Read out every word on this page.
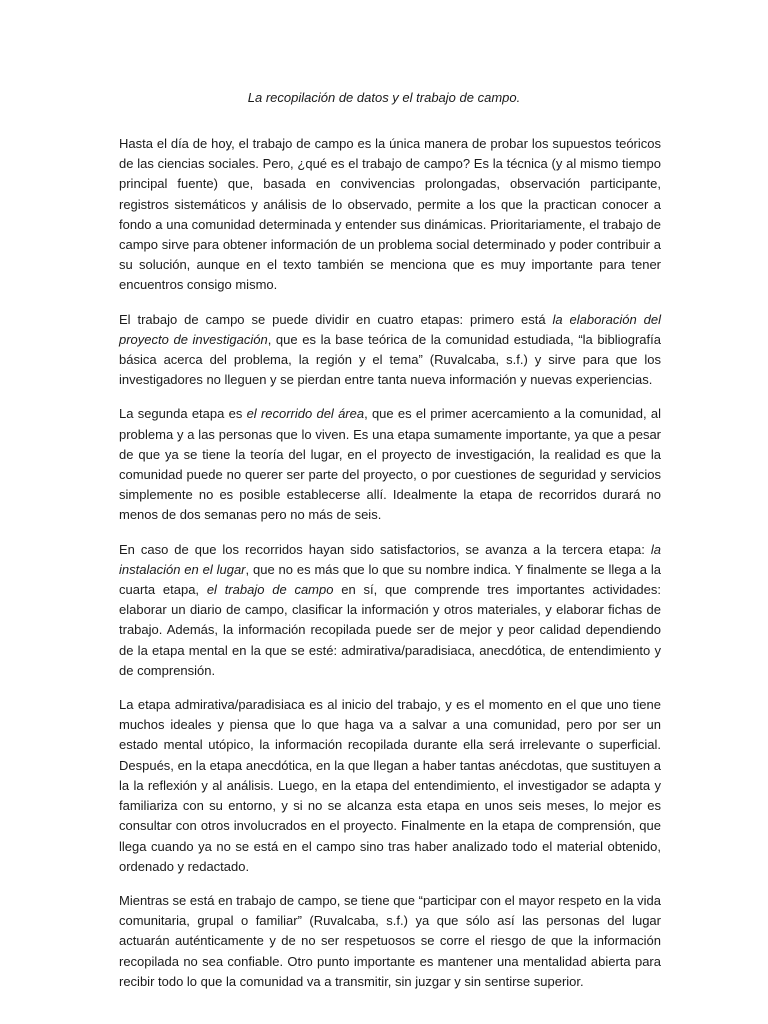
La recopilación de datos y el trabajo de campo.

Hasta el día de hoy, el trabajo de campo es la única manera de probar los supuestos teóricos de las ciencias sociales. Pero, ¿qué es el trabajo de campo? Es la técnica (y al mismo tiempo principal fuente) que, basada en convivencias prolongadas, observación participante, registros sistemáticos y análisis de lo observado, permite a los que la practican conocer a fondo a una comunidad determinada y entender sus dinámicas. Prioritariamente, el trabajo de campo sirve para obtener información de un problema social determinado y poder contribuir a su solución, aunque en el texto también se menciona que es muy importante para tener encuentros consigo mismo.

El trabajo de campo se puede dividir en cuatro etapas: primero está la elaboración del proyecto de investigación, que es la base teórica de la comunidad estudiada, “la bibliografía básica acerca del problema, la región y el tema” (Ruvalcaba, s.f.) y sirve para que los investigadores no lleguen y se pierdan entre tanta nueva información y nuevas experiencias.

La segunda etapa es el recorrido del área, que es el primer acercamiento a la comunidad, al problema y a las personas que lo viven. Es una etapa sumamente importante, ya que a pesar de que ya se tiene la teoría del lugar, en el proyecto de investigación, la realidad es que la comunidad puede no querer ser parte del proyecto, o por cuestiones de seguridad y servicios simplemente no es posible establecerse allí. Idealmente la etapa de recorridos durará no menos de dos semanas pero no más de seis.

En caso de que los recorridos hayan sido satisfactorios, se avanza a la tercera etapa: la instalación en el lugar, que no es más que lo que su nombre indica. Y finalmente se llega a la cuarta etapa, el trabajo de campo en sí, que comprende tres importantes actividades: elaborar un diario de campo, clasificar la información y otros materiales, y elaborar fichas de trabajo. Además, la información recopilada puede ser de mejor y peor calidad dependiendo de la etapa mental en la que se esté: admirativa/paradisiaca, anecdótica, de entendimiento y de comprensión.

La etapa admirativa/paradisiaca es al inicio del trabajo, y es el momento en el que uno tiene muchos ideales y piensa que lo que haga va a salvar a una comunidad, pero por ser un estado mental utópico, la información recopilada durante ella será irrelevante o superficial. Después, en la etapa anecdótica, en la que llegan a haber tantas anécdotas, que sustituyen a la la reflexión y al análisis. Luego, en la etapa del entendimiento, el investigador se adapta y familiariza con su entorno, y si no se alcanza esta etapa en unos seis meses, lo mejor es consultar con otros involucrados en el proyecto. Finalmente en la etapa de comprensión, que llega cuando ya no se está en el campo sino tras haber analizado todo el material obtenido, ordenado y redactado.

Mientras se está en trabajo de campo, se tiene que “participar con el mayor respeto en la vida comunitaria, grupal o familiar” (Ruvalcaba, s.f.) ya que sólo así las personas del lugar actuarán auténticamente y de no ser respetuosos se corre el riesgo de que la información recopilada no sea confiable. Otro punto importante es mantener una mentalidad abierta para recibir todo lo que la comunidad va a transmitir, sin juzgar y sin sentirse superior.
